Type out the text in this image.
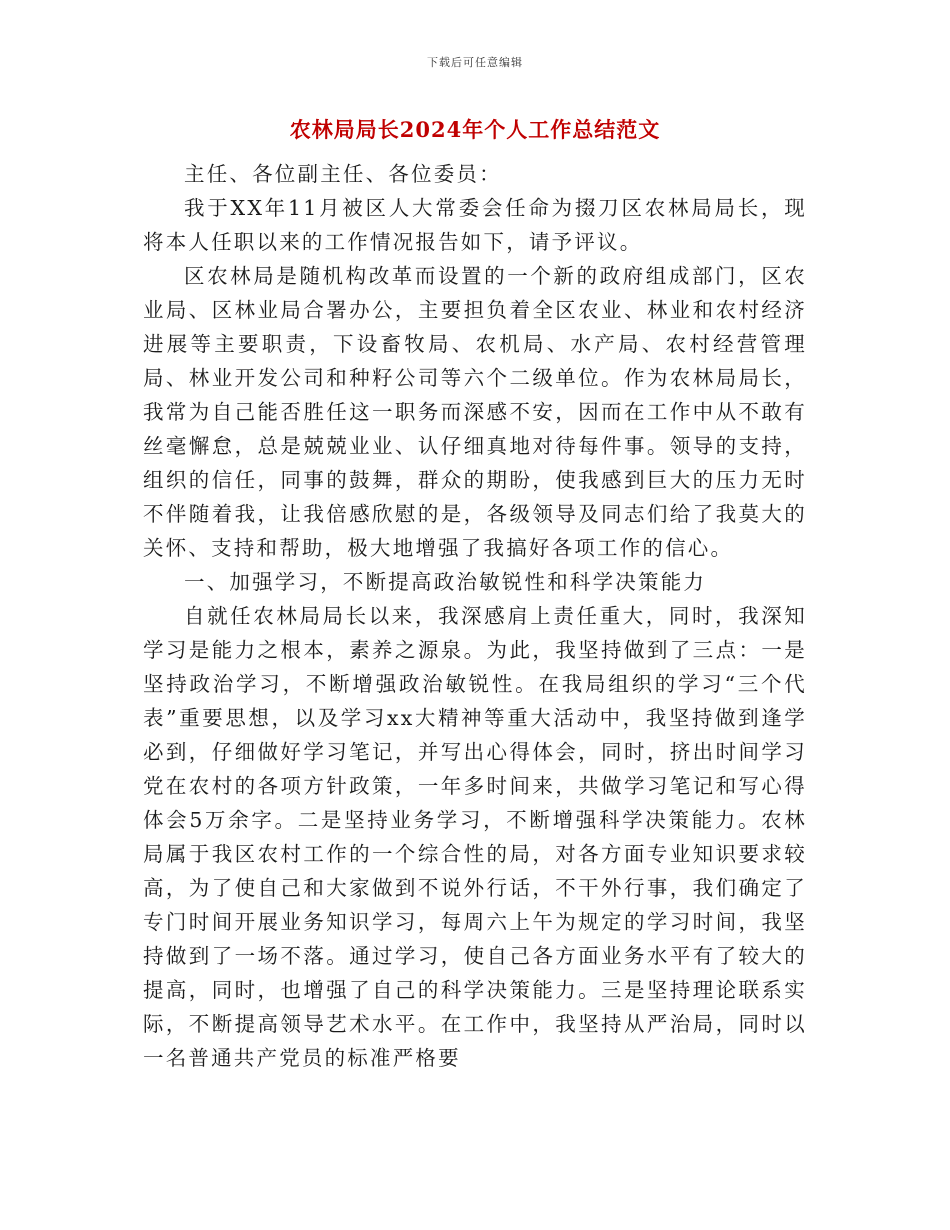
下载后可任意编辑
农林局局长2024年个人工作总结范文

主任、各位副主任、各位委员：

我于XX年11月被区人大常委会任命为掇刀区农林局局长，现将本人任职以来的工作情况报告如下，请予评议。

区农林局是随机构改革而设置的一个新的政府组成部门，区农业局、区林业局合署办公，主要担负着全区农业、林业和农村经济进展等主要职责，下设畜牧局、农机局、水产局、农村经营管理局、林业开发公司和种籽公司等六个二级单位。作为农林局局长，我常为自己能否胜任这一职务而深感不安，因而在工作中从不敢有丝毫懈怠，总是兢兢业业、认仔细真地对待每件事。领导的支持，组织的信任，同事的鼓舞，群众的期盼，使我感到巨大的压力无时不伴随着我，让我倍感欣慰的是，各级领导及同志们给了我莫大的关怀、支持和帮助，极大地增强了我搞好各项工作的信心。

一、加强学习，不断提高政治敏锐性和科学决策能力

自就任农林局局长以来，我深感肩上责任重大，同时，我深知学习是能力之根本，素养之源泉。为此，我坚持做到了三点：一是坚持政治学习，不断增强政治敏锐性。在我局组织的学习“三个代表”重要思想，以及学习xx大精神等重大活动中，我坚持做到逢学必到，仔细做好学习笔记，并写出心得体会，同时，挤出时间学习党在农村的各项方针政策，一年多时间来，共做学习笔记和写心得体会5万余字。二是坚持业务学习，不断增强科学决策能力。农林局属于我区农村工作的一个综合性的局，对各方面专业知识要求较高，为了使自己和大家做到不说外行话，不干外行事，我们确定了专门时间开展业务知识学习，每周六上午为规定的学习时间，我坚持做到了一场不落。通过学习，使自己各方面业务水平有了较大的提高，同时，也增强了自己的科学决策能力。三是坚持理论联系实际，不断提高领导艺术水平。在工作中，我坚持从严治局，同时以一名普通共产党员的标准严格要
